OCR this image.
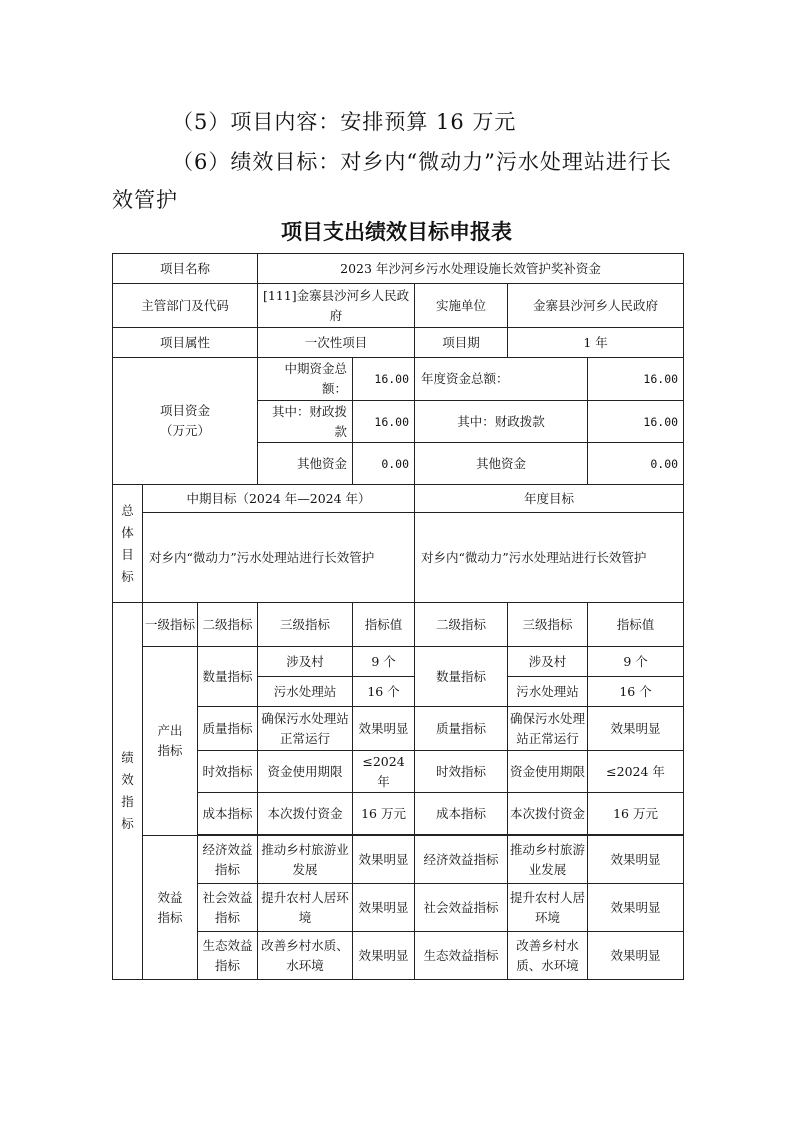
（5）项目内容：安排预算 16 万元
（6）绩效目标：对乡内“微动力”污水处理站进行长
效管护
项目支出绩效目标申报表
项目名称			2023 年沙河乡污水处理设施长效管护奖补资金				
主管部门及代码			[111]金寨县沙河乡人民政府		实施单位	金寨县沙河乡人民政府	
项目属性			一次性项目		项目期	1 年	
项目资金（万元）			中期资金总额：	16.00	年度资金总额：		16.00
			其中：财政拨款	16.00	其中：财政拨款		16.00
			其他资金	0.00	其他资金		0.00
总体目标	中期目标（2024 年—2024 年）				年度目标		
	对乡内“微动力”污水处理站进行长效管护				对乡内“微动力”污水处理站进行长效管护		
绩效指标	一级指标	二级指标	三级指标	指标值	二级指标	三级指标	指标值
	产出指标	数量指标	涉及村	9 个	数量指标	涉及村	9 个
			污水处理站	16 个		污水处理站	16 个
		质量指标	确保污水处理站正常运行	效果明显	质量指标	确保污水处理站正常运行	效果明显
		时效指标	资金使用期限	≤2024 年	时效指标	资金使用期限	≤2024 年
		成本指标	本次拨付资金	16 万元	成本指标	本次拨付资金	16 万元

	效益指标	经济效益指标	推动乡村旅游业发展	效果明显	经济效益指标	推动乡村旅游业发展	效果明显
		社会效益指标	提升农村人居环境	效果明显	社会效益指标	提升农村人居环境	效果明显
		生态效益指标	改善乡村水质、水环境	效果明显	生态效益指标	改善乡村水质、水环境	效果明显
